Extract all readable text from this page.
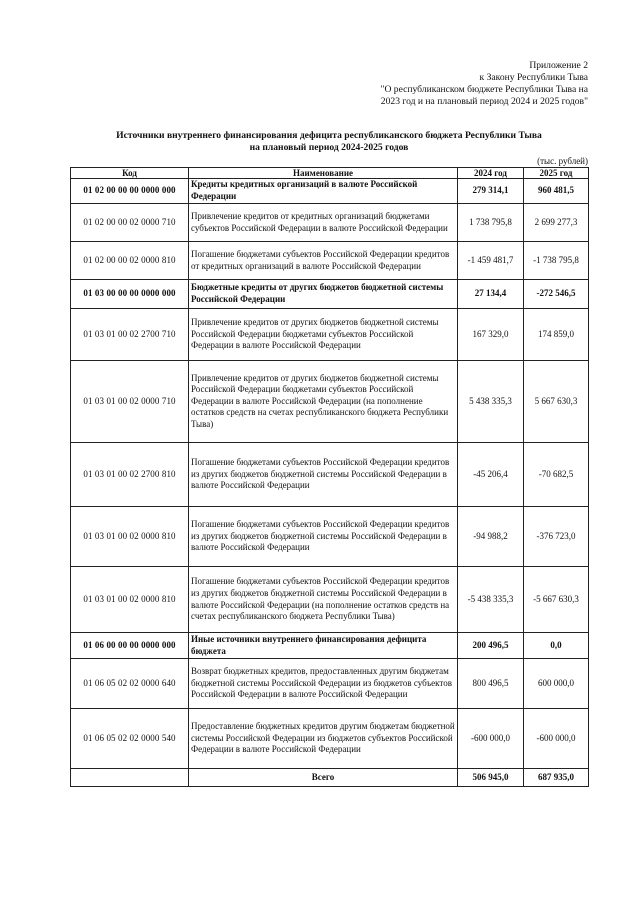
Приложение 2
к Закону Республики Тыва
"О республиканском бюджете Республики Тыва на
2023 год и на плановый период 2024 и 2025 годов"
Источники внутреннего финансирования дефицита республиканского бюджета Республики Тыва
на плановый период 2024-2025 годов
(тыс. рублей)
Код	Наименование	2024 год	2025 год
01 02 00 00 00 0000 000	Кредиты кредитных организаций в валюте Российской Федерации	279 314,1	960 481,5
01 02 00 00 02 0000 710	Привлечение кредитов от кредитных организаций бюджетами субъектов Российской Федерации в валюте Российской Федерации	1 738 795,8	2 699 277,3
01 02 00 00 02 0000 810	Погашение бюджетами субъектов Российской Федерации кредитов от кредитных организаций в валюте Российской Федерации	-1 459 481,7	-1 738 795,8
01 03 00 00 00 0000 000	Бюджетные кредиты от других бюджетов бюджетной системы Российской Федерации	27 134,4	-272 546,5
01 03 01 00 02 2700 710	Привлечение кредитов от других бюджетов бюджетной системы Российской Федерации бюджетами субъектов Российской Федерации в валюте Российской Федерации	167 329,0	174 859,0
01 03 01 00 02 0000 710	Привлечение кредитов от других бюджетов бюджетной системы Российской Федерации бюджетами субъектов Российской Федерации в валюте Российской Федерации (на пополнение остатков средств на счетах республиканского бюджета Республики Тыва)	5 438 335,3	5 667 630,3
01 03 01 00 02 2700 810	Погашение бюджетами субъектов Российской Федерации кредитов из других бюджетов бюджетной системы Российской Федерации в валюте Российской Федерации	-45 206,4	-70 682,5
01 03 01 00 02 0000 810	Погашение бюджетами субъектов Российской Федерации кредитов из других бюджетов бюджетной системы Российской Федерации в валюте Российской Федерации	-94 988,2	-376 723,0
01 03 01 00 02 0000 810	Погашение бюджетами субъектов Российской Федерации кредитов из других бюджетов бюджетной системы Российской Федерации в валюте Российской Федерации (на пополнение остатков средств на счетах республиканского бюджета Республики Тыва)	-5 438 335,3	-5 667 630,3
01 06 00 00 00 0000 000	Иные источники внутреннего финансирования дефицита бюджета	200 496,5	0,0
01 06 05 02 02 0000 640	Возврат бюджетных кредитов, предоставленных другим бюджетам бюджетной системы Российской Федерации из бюджетов субъектов Российской Федерации в валюте Российской Федерации	800 496,5	600 000,0
01 06 05 02 02 0000 540	Предоставление бюджетных кредитов другим бюджетам бюджетной системы Российской Федерации из бюджетов субъектов Российской Федерации в валюте Российской Федерации	-600 000,0	-600 000,0
	Всего	506 945,0	687 935,0
